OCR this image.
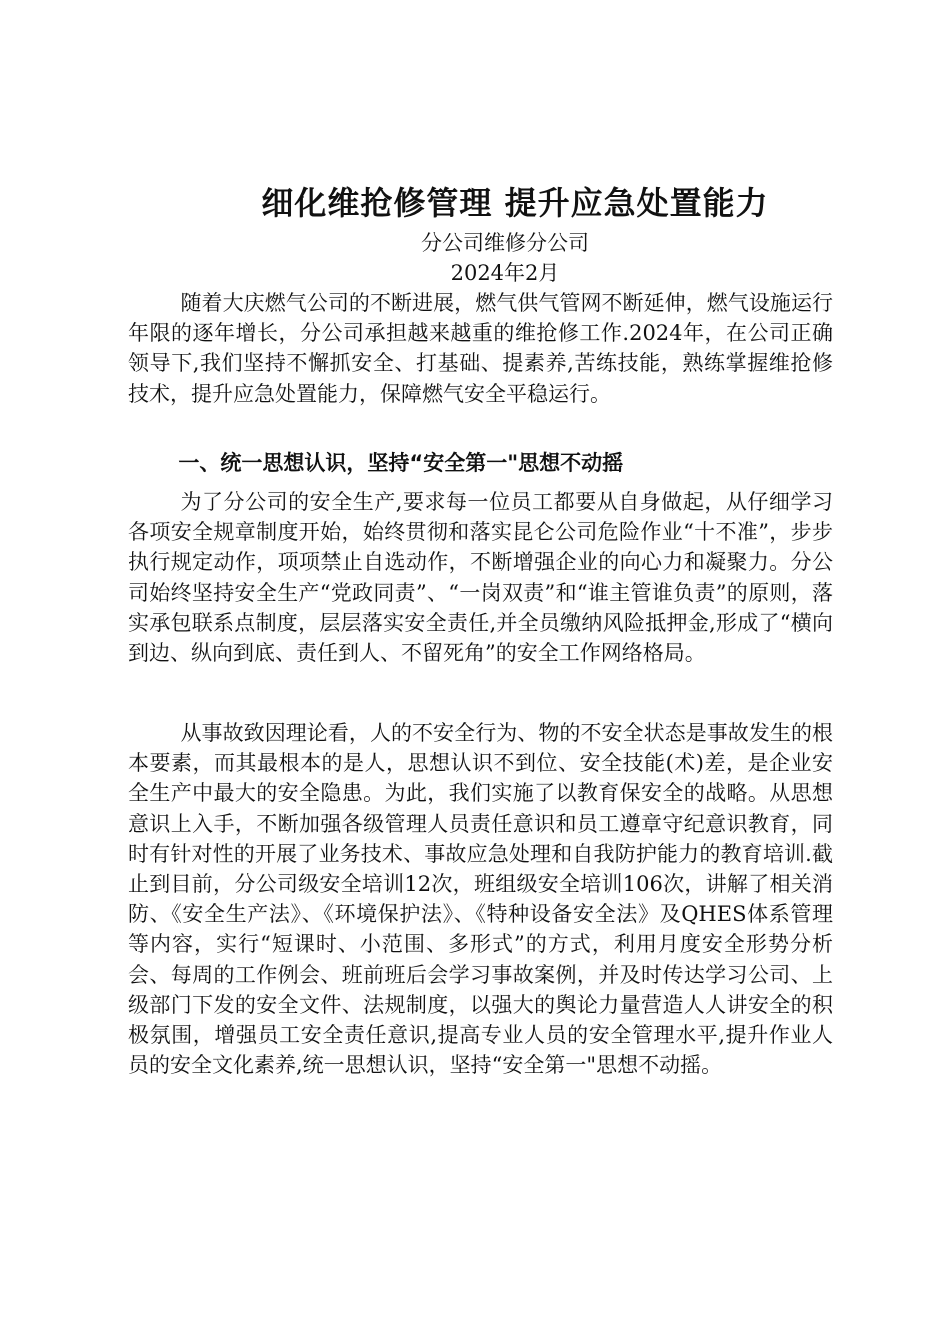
细化维抢修管理 提升应急处置能力

分公司维修分公司

2024年2月

随着大庆燃气公司的不断进展，燃气供气管网不断延伸，燃气设施运行年限的逐年增长，分公司承担越来越重的维抢修工作.2024年，在公司正确领导下,我们坚持不懈抓安全、打基础、提素养,苦练技能，熟练掌握维抢修技术，提升应急处置能力，保障燃气安全平稳运行。

一、统一思想认识，坚持“安全第一"思想不动摇

为了分公司的安全生产,要求每一位员工都要从自身做起，从仔细学习各项安全规章制度开始，始终贯彻和落实昆仑公司危险作业“十不准”，步步执行规定动作，项项禁止自选动作，不断增强企业的向心力和凝聚力。分公司始终坚持安全生产“党政同责”、“一岗双责”和“谁主管谁负责”的原则，落实承包联系点制度，层层落实安全责任,并全员缴纳风险抵押金,形成了“横向到边、纵向到底、责任到人、不留死角”的安全工作网络格局。

从事故致因理论看，人的不安全行为、物的不安全状态是事故发生的根本要素，而其最根本的是人，思想认识不到位、安全技能(术)差，是企业安全生产中最大的安全隐患。为此，我们实施了以教育保安全的战略。从思想意识上入手，不断加强各级管理人员责任意识和员工遵章守纪意识教育，同时有针对性的开展了业务技术、事故应急处理和自我防护能力的教育培训.截止到目前，分公司级安全培训12次，班组级安全培训106次，讲解了相关消防、《安全生产法》、《环境保护法》、《特种设备安全法》及QHES体系管理等内容，实行“短课时、小范围、多形式”的方式，利用月度安全形势分析会、每周的工作例会、班前班后会学习事故案例，并及时传达学习公司、上级部门下发的安全文件、法规制度，以强大的舆论力量营造人人讲安全的积极氛围，增强员工安全责任意识,提高专业人员的安全管理水平,提升作业人员的安全文化素养,统一思想认识，坚持“安全第一"思想不动摇。
